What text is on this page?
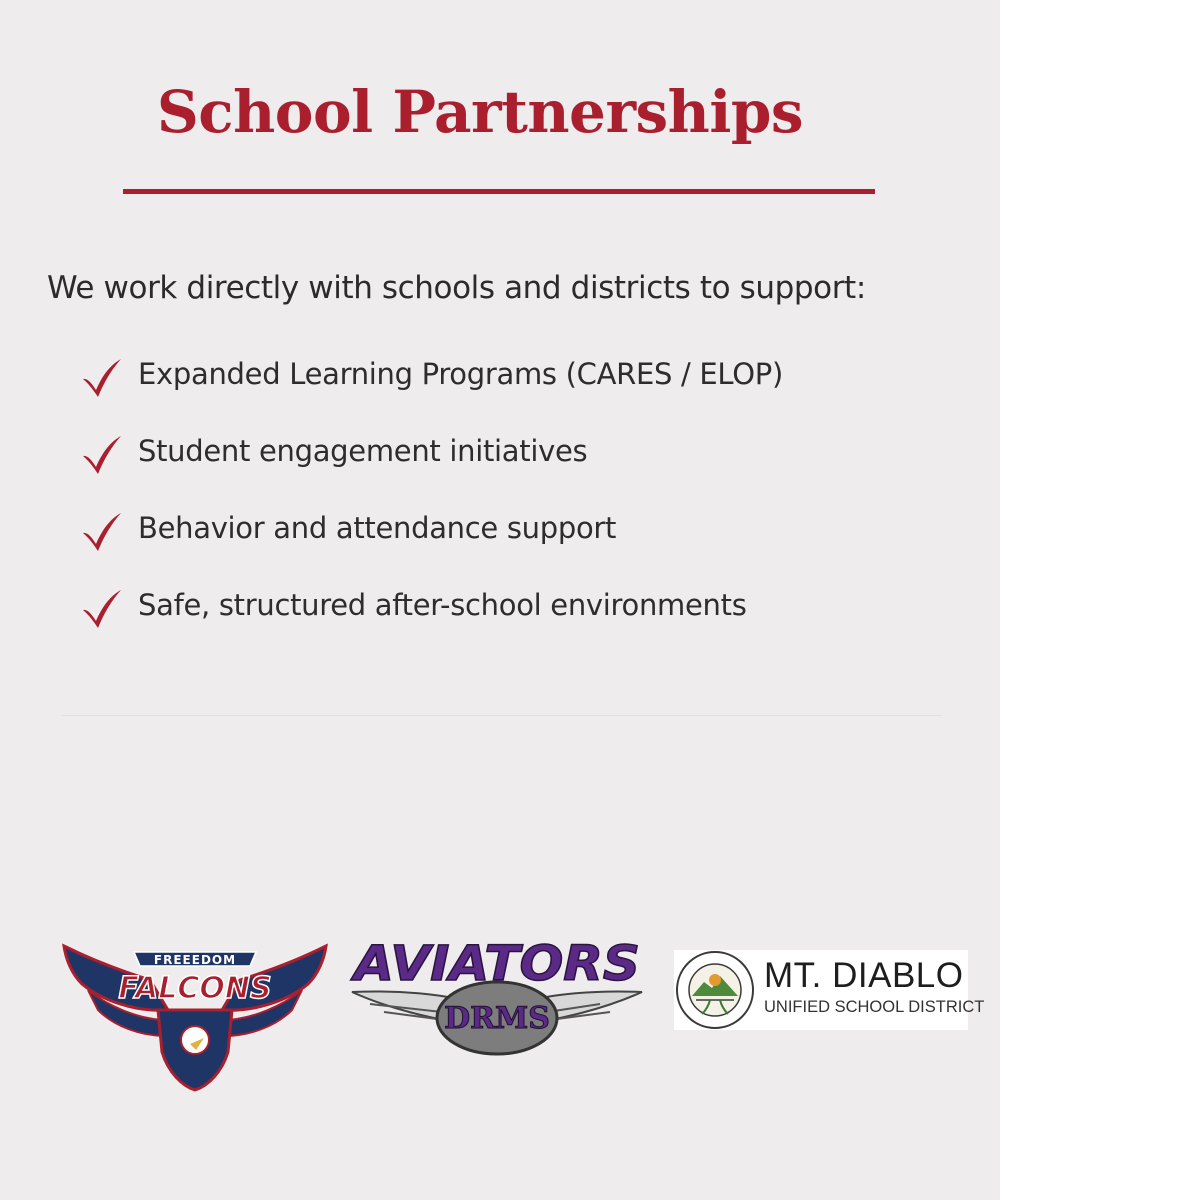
School Partnerships
We work directly with schools and districts to support:
Expanded Learning Programs (CARES / ELOP)
Student engagement initiatives
Behavior and attendance support
Safe, structured after-school environments
FREEEDOM
FALCONS AVIATORS
DRMS
MT. DIABLO
UNIFIED SCHOOL DISTRICT
